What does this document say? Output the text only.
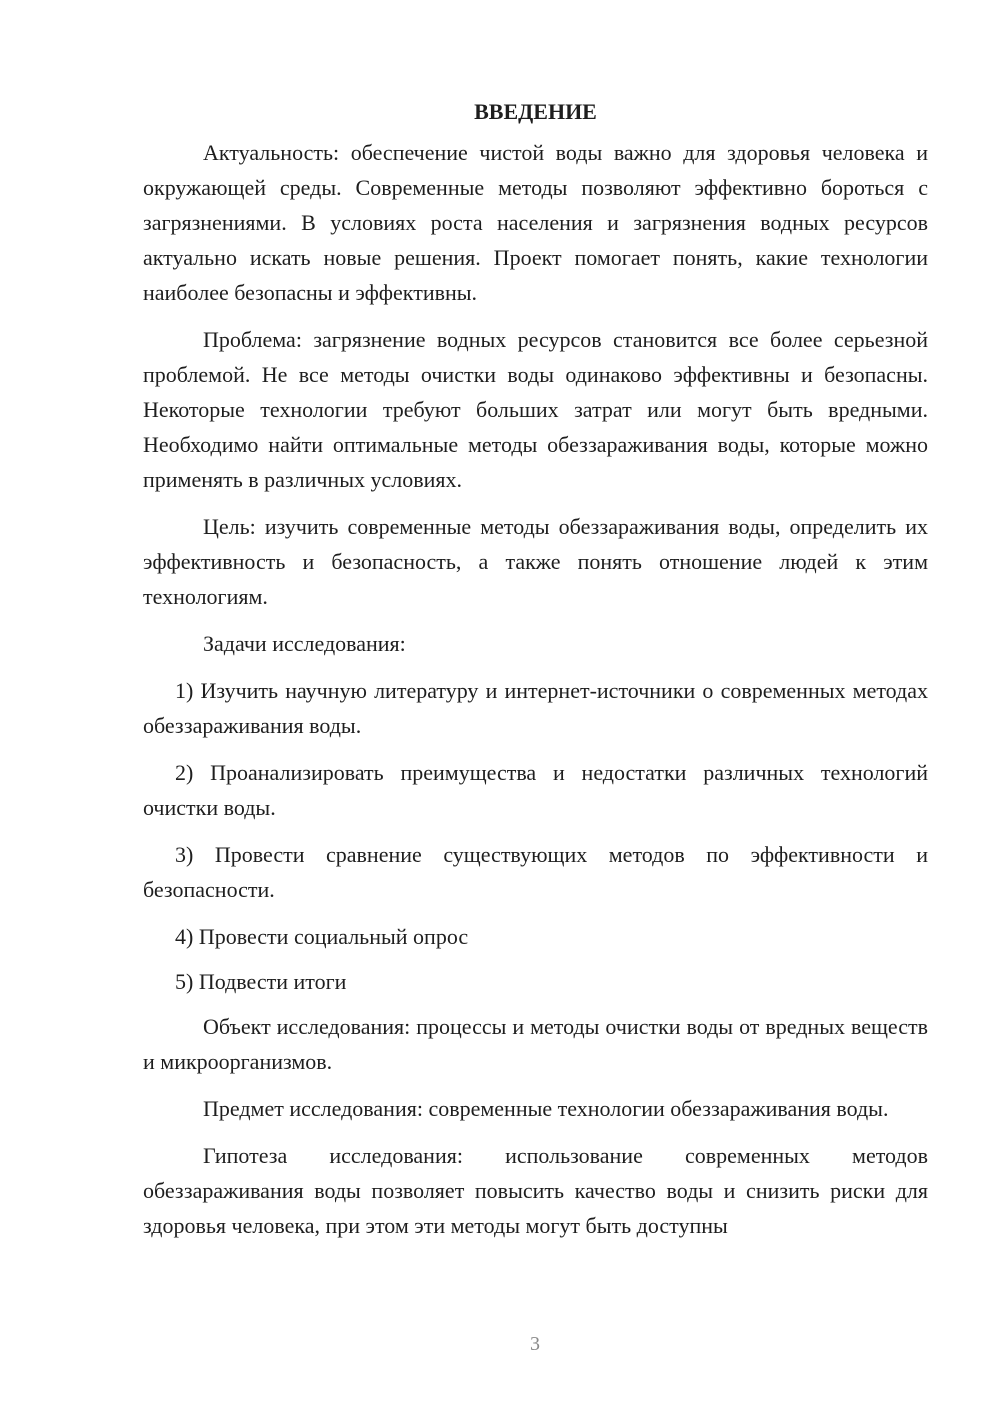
ВВЕДЕНИЕ

Актуальность: обеспечение чистой воды важно для здоровья человека и окружающей среды. Современные методы позволяют эффективно бороться с загрязнениями. В условиях роста населения и загрязнения водных ресурсов актуально искать новые решения. Проект помогает понять, какие технологии наиболее безопасны и эффективны.

Проблема: загрязнение водных ресурсов становится все более серьезной проблемой. Не все методы очистки воды одинаково эффективны и безопасны. Некоторые технологии требуют больших затрат или могут быть вредными. Необходимо найти оптимальные методы обеззараживания воды, которые можно применять в различных условиях.

Цель: изучить современные методы обеззараживания воды, определить их эффективность и безопасность, а также понять отношение людей к этим технологиям.

Задачи исследования:

1) Изучить научную литературу и интернет-источники о современных методах обеззараживания воды.

2) Проанализировать преимущества и недостатки различных технологий очистки воды.

3) Провести сравнение существующих методов по эффективности и безопасности.

4) Провести социальный опрос

5) Подвести итоги

Объект исследования: процессы и методы очистки воды от вредных веществ и микроорганизмов.

Предмет исследования: современные технологии обеззараживания воды.

Гипотеза исследования: использование современных методов обеззараживания воды позволяет повысить качество воды и снизить риски для здоровья человека, при этом эти методы могут быть доступны

3
